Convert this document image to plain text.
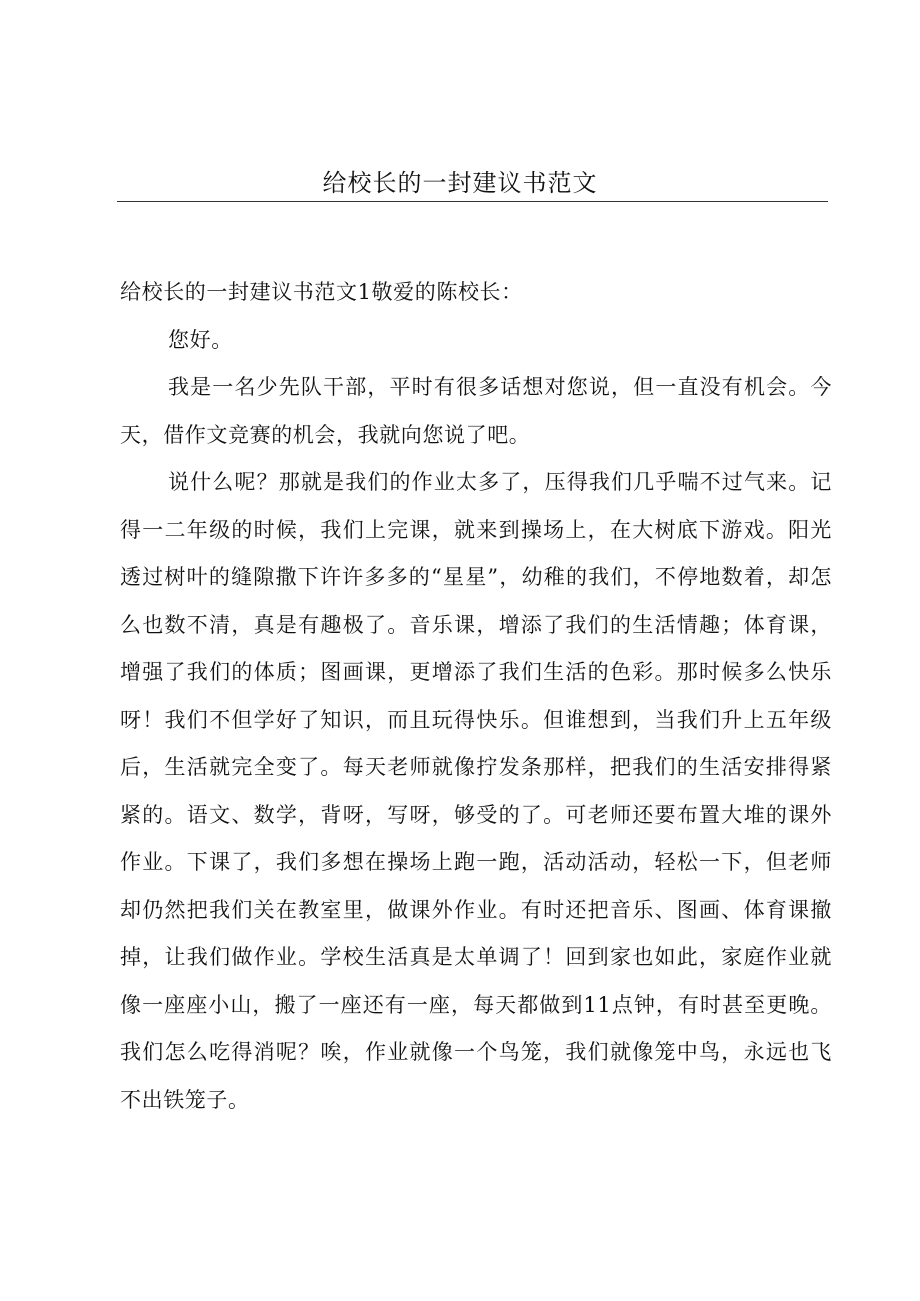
给校长的一封建议书范文

给校长的一封建议书范文1敬爱的陈校长：

您好。

我是一名少先队干部，平时有很多话想对您说，但一直没有机会。今天，借作文竞赛的机会，我就向您说了吧。

说什么呢？那就是我们的作业太多了，压得我们几乎喘不过气来。记得一二年级的时候，我们上完课，就来到操场上，在大树底下游戏。阳光透过树叶的缝隙撒下许许多多的“星星”，幼稚的我们，不停地数着，却怎么也数不清，真是有趣极了。音乐课，增添了我们的生活情趣；体育课，增强了我们的体质；图画课，更增添了我们生活的色彩。那时候多么快乐呀！我们不但学好了知识，而且玩得快乐。但谁想到，当我们升上五年级后，生活就完全变了。每天老师就像拧发条那样，把我们的生活安排得紧紧的。语文、数学，背呀，写呀，够受的了。可老师还要布置大堆的课外作业。下课了，我们多想在操场上跑一跑，活动活动，轻松一下，但老师却仍然把我们关在教室里，做课外作业。有时还把音乐、图画、体育课撤掉，让我们做作业。学校生活真是太单调了！回到家也如此，家庭作业就像一座座小山，搬了一座还有一座，每天都做到11点钟，有时甚至更晚。我们怎么吃得消呢？唉，作业就像一个鸟笼，我们就像笼中鸟，永远也飞不出铁笼子。
